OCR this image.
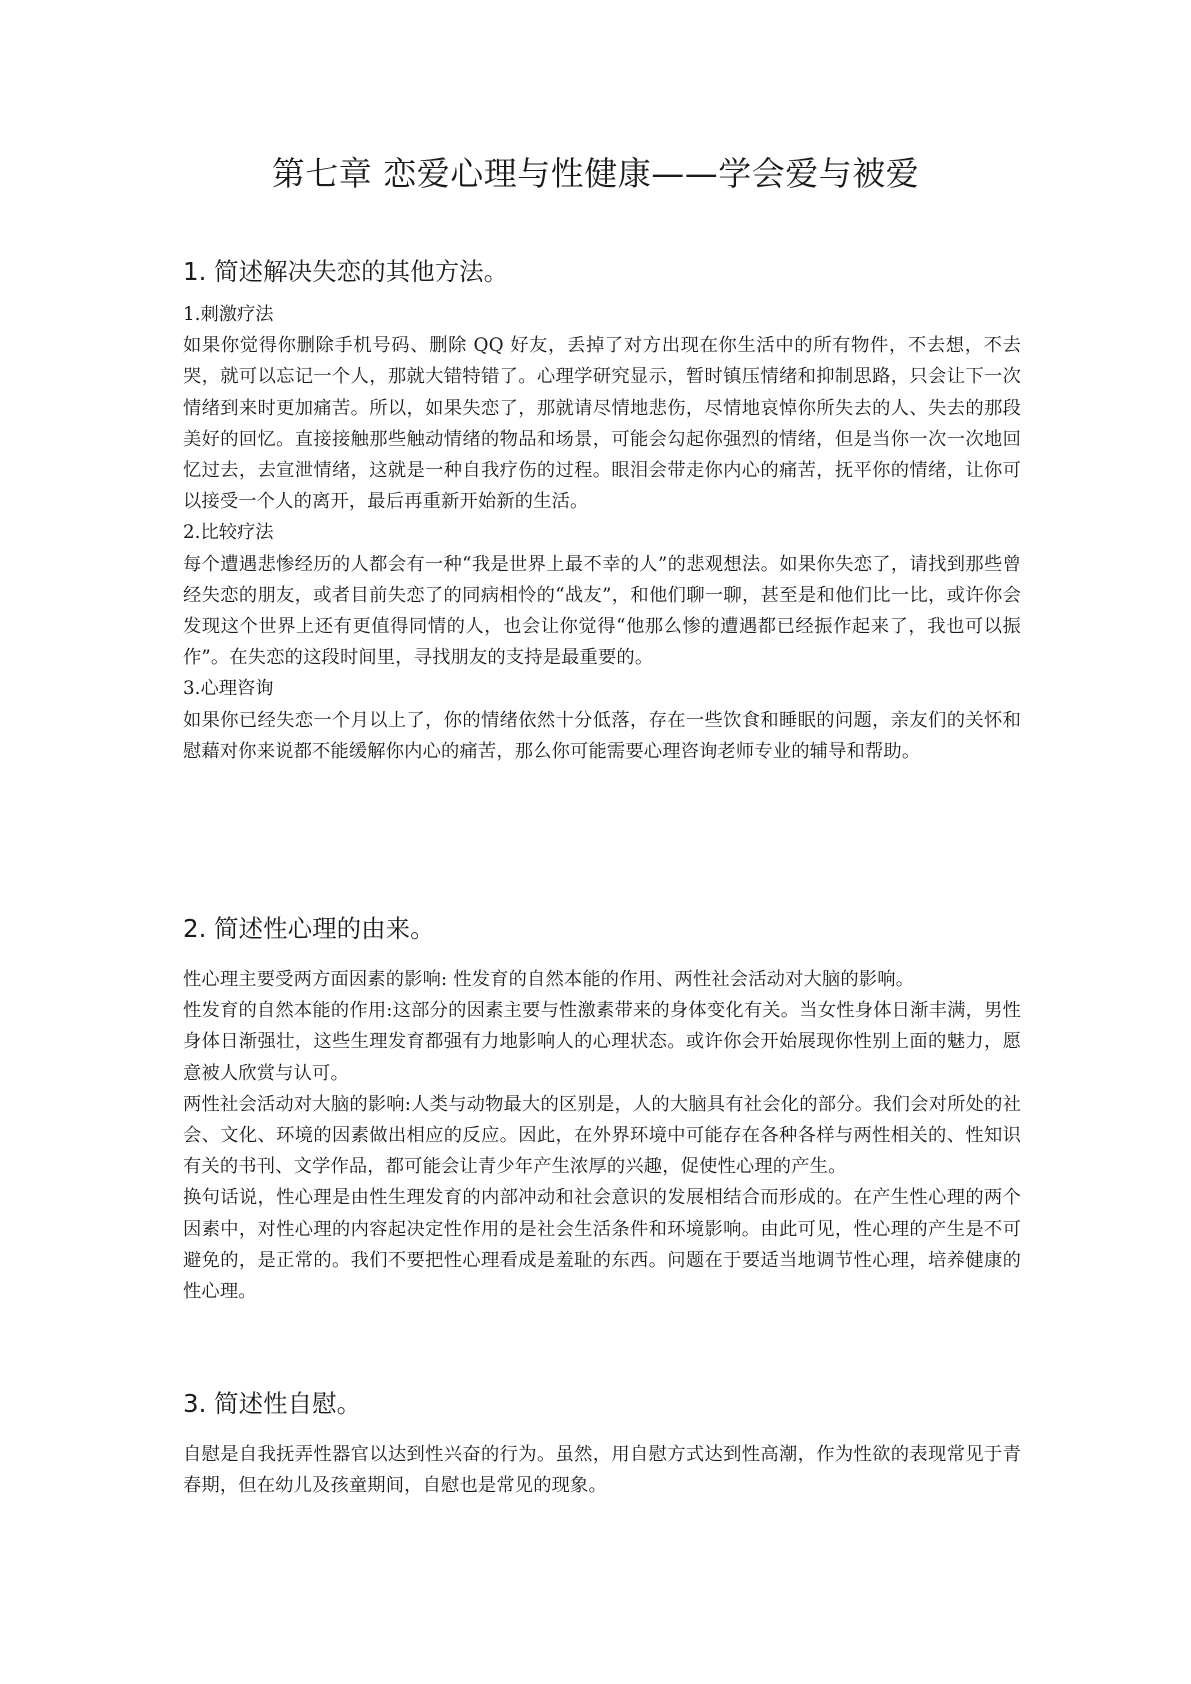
第七章 恋爱心理与性健康——学会爱与被爱
1. 简述解决失恋的其他方法。

1.刺激疗法

如果你觉得你删除手机号码、删除 QQ 好友，丢掉了对方出现在你生活中的所有物件，不去想，不去哭，就可以忘记一个人，那就大错特错了。心理学研究显示，暂时镇压情绪和抑制思路，只会让下一次情绪到来时更加痛苦。所以，如果失恋了，那就请尽情地悲伤，尽情地哀悼你所失去的人、失去的那段美好的回忆。直接接触那些触动情绪的物品和场景，可能会勾起你强烈的情绪，但是当你一次一次地回忆过去，去宣泄情绪，这就是一种自我疗伤的过程。眼泪会带走你内心的痛苦，抚平你的情绪，让你可以接受一个人的离开，最后再重新开始新的生活。

2.比较疗法

每个遭遇悲惨经历的人都会有一种“我是世界上最不幸的人”的悲观想法。如果你失恋了，请找到那些曾经失恋的朋友，或者目前失恋了的同病相怜的“战友”，和他们聊一聊，甚至是和他们比一比，或许你会发现这个世界上还有更值得同情的人，也会让你觉得“他那么惨的遭遇都已经振作起来了，我也可以振作”。在失恋的这段时间里，寻找朋友的支持是最重要的。

3.心理咨询

如果你已经失恋一个月以上了，你的情绪依然十分低落，存在一些饮食和睡眠的问题，亲友们的关怀和慰藉对你来说都不能缓解你内心的痛苦，那么你可能需要心理咨询老师专业的辅导和帮助。

2. 简述性心理的由来。

性心理主要受两方面因素的影响: 性发育的自然本能的作用、两性社会活动对大脑的影响。

性发育的自然本能的作用:这部分的因素主要与性激素带来的身体变化有关。当女性身体日渐丰满，男性身体日渐强壮，这些生理发育都强有力地影响人的心理状态。或许你会开始展现你性别上面的魅力，愿意被人欣赏与认可。

两性社会活动对大脑的影响:人类与动物最大的区别是，人的大脑具有社会化的部分。我们会对所处的社会、文化、环境的因素做出相应的反应。因此，在外界环境中可能存在各种各样与两性相关的、性知识有关的书刊、文学作品，都可能会让青少年产生浓厚的兴趣，促使性心理的产生。

换句话说，性心理是由性生理发育的内部冲动和社会意识的发展相结合而形成的。在产生性心理的两个因素中，对性心理的内容起决定性作用的是社会生活条件和环境影响。由此可见，性心理的产生是不可避免的，是正常的。我们不要把性心理看成是羞耻的东西。问题在于要适当地调节性心理，培养健康的性心理。

3. 简述性自慰。

自慰是自我抚弄性器官以达到性兴奋的行为。虽然，用自慰方式达到性高潮，作为性欲的表现常见于青春期，但在幼儿及孩童期间，自慰也是常见的现象。
